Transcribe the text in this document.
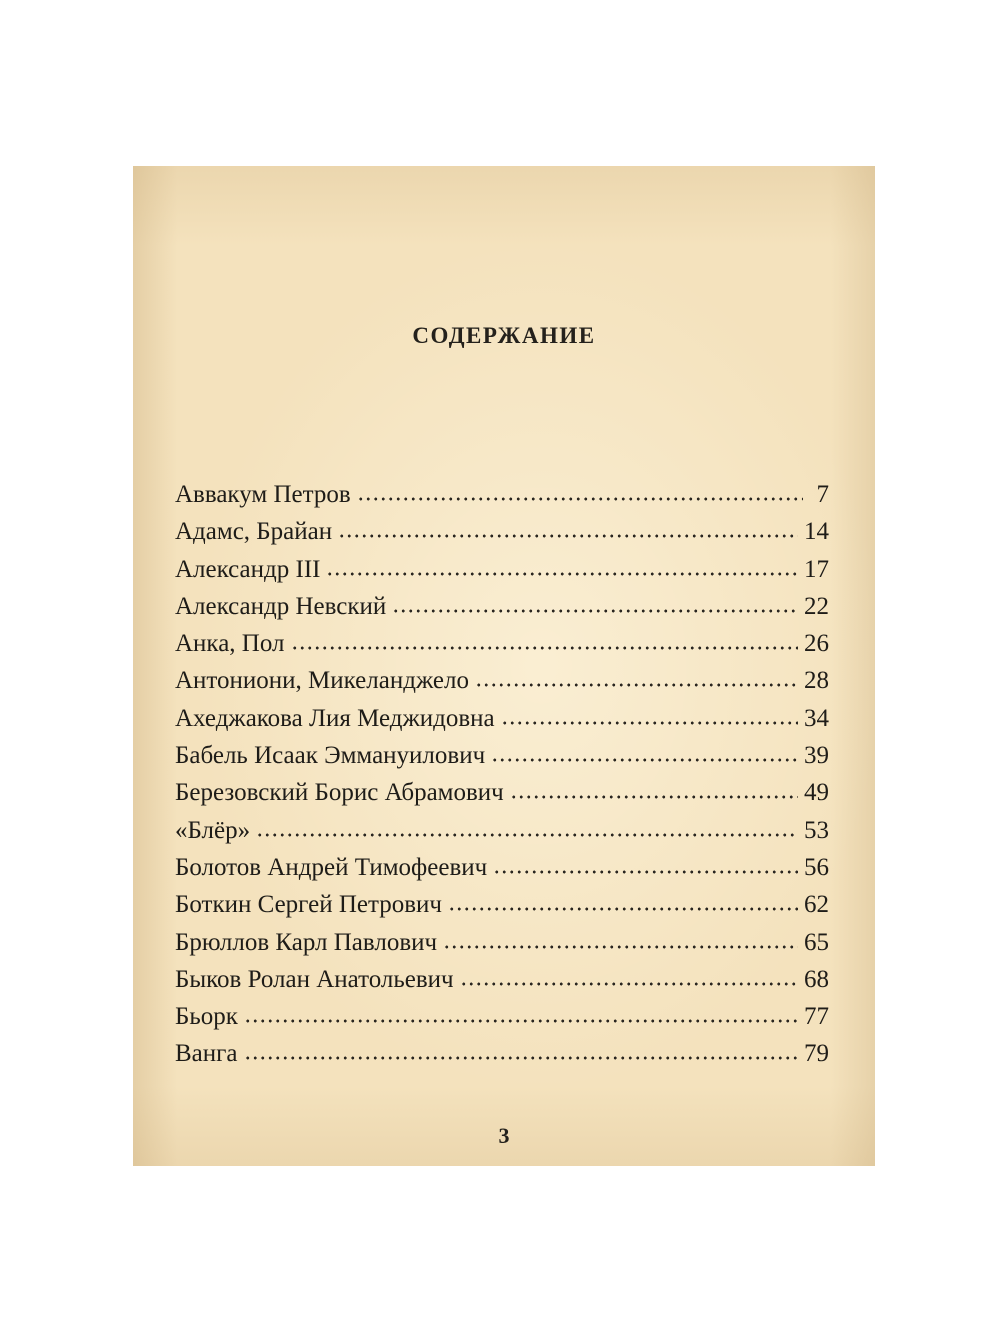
СОДЕРЖАНИЕ
Аввакум Петров	7
Адамс, Брайан	14
Александр III	17
Александр Невский	22
Анка, Пол	26
Антониони, Микеланджело	28
Ахеджакова Лия Меджидовна	34
Бабель Исаак Эммануилович	39
Березовский Борис Абрамович	49
«Блёр»	53
Болотов Андрей Тимофеевич	56
Боткин Сергей Петрович	62
Брюллов Карл Павлович	65
Быков Ролан Анатольевич	68
Бьорк	77
Ванга	79
3
